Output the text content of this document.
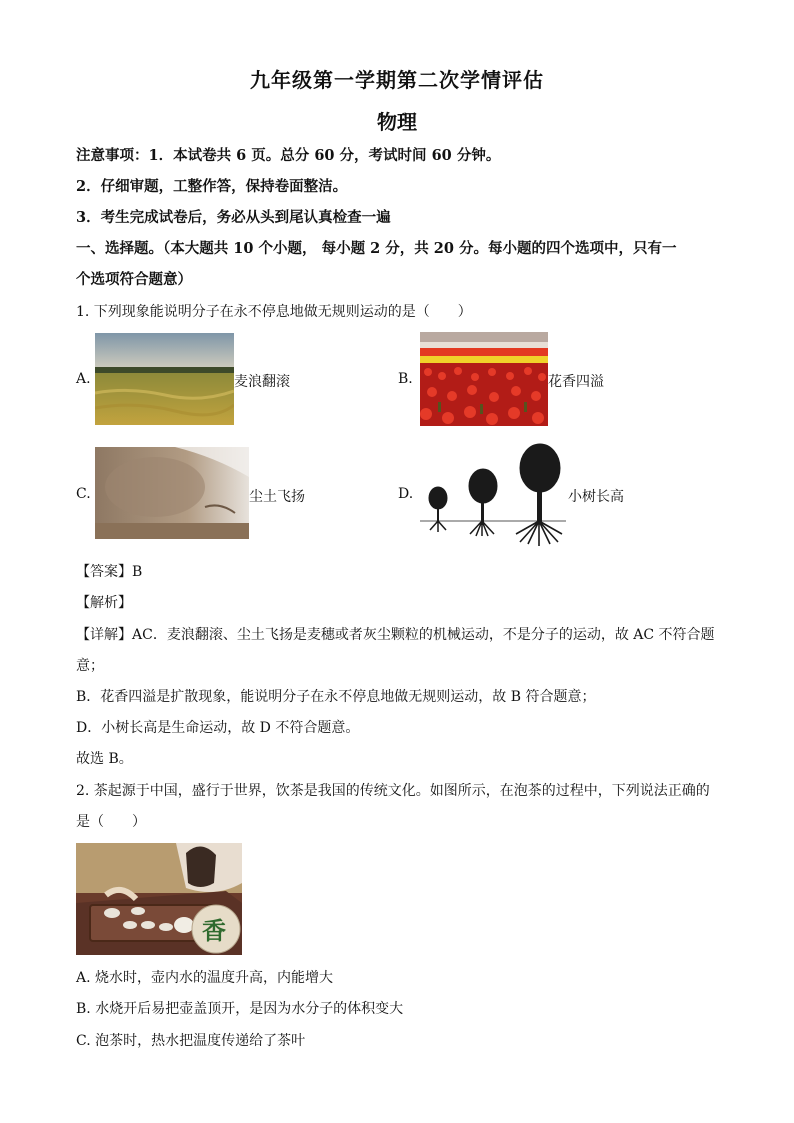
九年级第一学期第二次学情评估
物理
注意事项：1．本试卷共 6 页。总分 60 分，考试时间 60 分钟。
2．仔细审题，工整作答，保持卷面整洁。
3．考生完成试卷后，务必从头到尾认真检查一遍
一、选择题。（本大题共 10 个小题， 每小题 2 分，共 20 分。每小题的四个选项中，只有一
个选项符合题意）
1. 下列现象能说明分子在永不停息地做无规则运动的是（　　）
A.	麦浪翻滚	B.	花香四溢
C.	尘土飞扬	D.	小树长高
【答案】B
【解析】
【详解】AC．麦浪翻滚、尘土飞扬是麦穗或者灰尘颗粒的机械运动，不是分子的运动，故 AC 不符合题
意；
B．花香四溢是扩散现象，能说明分子在永不停息地做无规则运动，故 B 符合题意；
D．小树长高是生命运动，故 D 不符合题意。
故选 B。
2. 茶起源于中国，盛行于世界，饮茶是我国的传统文化。如图所示，在泡茶的过程中，下列说法正确的
是（　　）
香
A. 烧水时，壶内水的温度升高，内能增大
B. 水烧开后易把壶盖顶开，是因为水分子的体积变大
C. 泡茶时，热水把温度传递给了茶叶
